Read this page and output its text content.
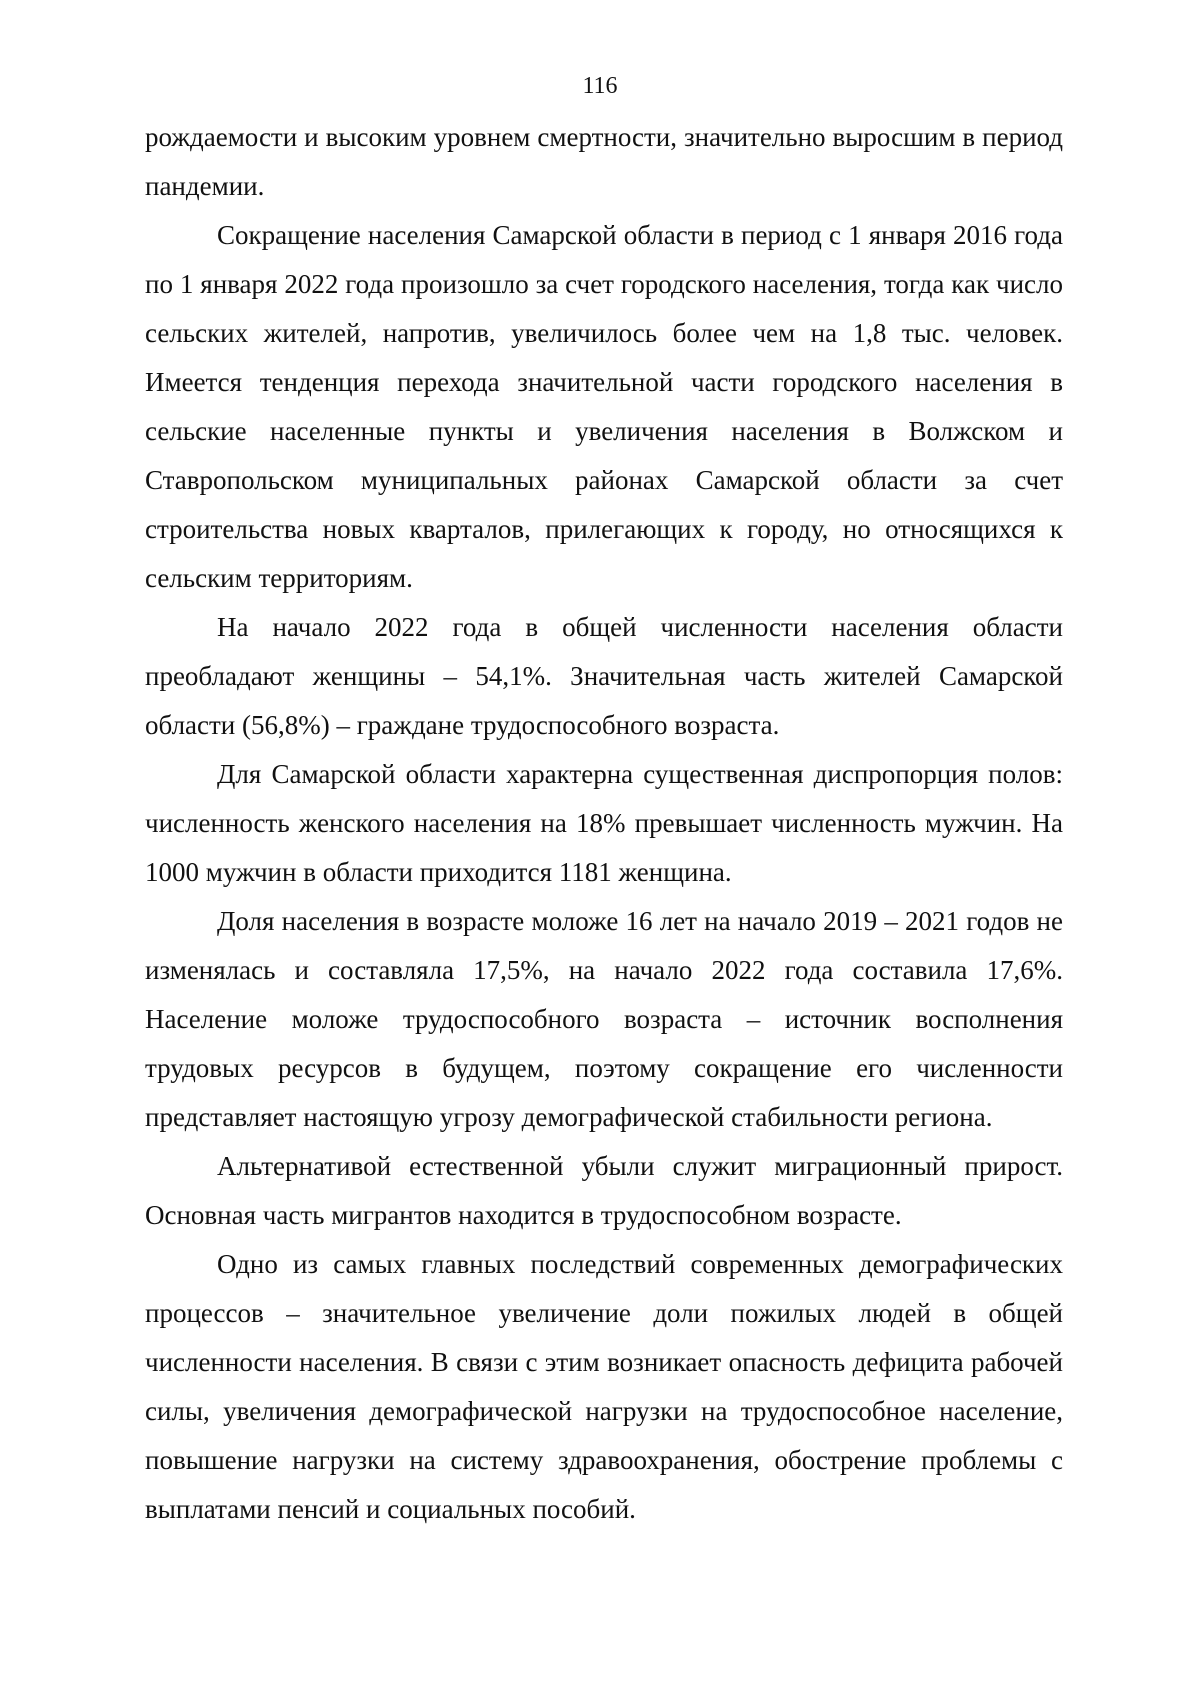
116

рождаемости и высоким уровнем смертности, значительно выросшим в период пандемии.

Сокращение населения Самарской области в период с 1 января 2016 года по 1 января 2022 года произошло за счет городского населения, тогда как число сельских жителей, напротив, увеличилось более чем на 1,8 тыс. человек. Имеется тенденция перехода значительной части городского населения в сельские населенные пункты и увеличения населения в Волжском и Ставропольском муниципальных районах Самарской области за счет строительства новых кварталов, прилегающих к городу, но относящихся к сельским территориям.

На начало 2022 года в общей численности населения области преобладают женщины – 54,1%. Значительная часть жителей Самарской области (56,8%) – граждане трудоспособного возраста.

Для Самарской области характерна существенная диспропорция полов: численность женского населения на 18% превышает численность мужчин. На 1000 мужчин в области приходится 1181 женщина.

Доля населения в возрасте моложе 16 лет на начало 2019 – 2021 годов не изменялась и составляла 17,5%, на начало 2022 года составила 17,6%. Население моложе трудоспособного возраста – источник восполнения трудовых ресурсов в будущем, поэтому сокращение его численности представляет настоящую угрозу демографической стабильности региона.

Альтернативой естественной убыли служит миграционный прирост. Основная часть мигрантов находится в трудоспособном возрасте.

Одно из самых главных последствий современных демографических процессов – значительное увеличение доли пожилых людей в общей численности населения. В связи с этим возникает опасность дефицита рабочей силы, увеличения демографической нагрузки на трудоспособное население, повышение нагрузки на систему здравоохранения, обострение проблемы с выплатами пенсий и социальных пособий.
